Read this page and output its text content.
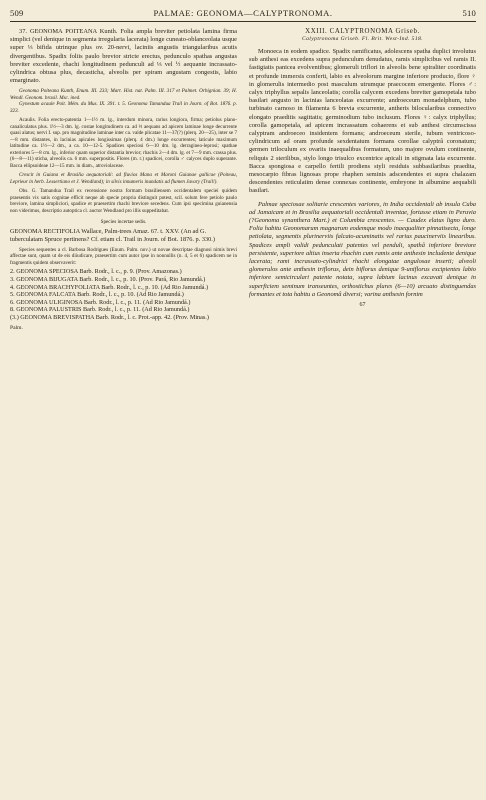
509	PALMAE: GEONOMA—CALYPTRONOMA.	510

37. GEONOMA POITEANA Kunth. Folia ampla breviter petiolata lamina firma simplici (vel denique in segmenta irregularia lacerata) longe cuneato-oblanceolata usque super ⅓ bifida utrinque plus ov. 20-nervi, laciniis angustis triangularibus acutis divergentibus. Spadix foliis paulo brevior stricte erectus, pedunculo spathas angustas breviter excedente, rhachi longitudinem pedunculi ad ⅓ vel ½ aequante incrassato-cylindrica obtusa plus, decasticha, alveolis per spiram angustam congestis, labio emarginato.

Geonoma Poiteana Kunth, Enum. III. 233; Mart. Hist. nat. Palm. III. 317 et Palmet. Orbignian. 39; H. Wendl. Geonom. brasil. Msc. ined.

Gynestum acaule Poit. Mém. du Mus. IX. 391. t. 5. Geonoma Tamandua Trail in Journ. of Bot. 1876. p. 323.

Acaulis. Folia erecto-patentia 1—1½ m. lg., interdum minora, rarius longiora, firma; petiolus plano-canaliculatus plus. 1½—3 dm. lg. costae longitudinem ca. ad ⅓ aequans ad apicem laminae longe decurrente quasi alatus; nervi I. sup. pro magnitudine laminae inter ca. valde plicatae 11—37(?) (plerq. 20—25), inter se 7—8 mm. distantes, in lacinias apicales longissimas (plerq. 4 dm.) longe excurrentes; laticule maximum latitudine ca. 1½—2 dm., a ca. 10—12-5. Spadices speciosi 6—10 dm. lg. derragineo-leprosi; spathae exteriores 5—8 cm. lg., inferior quam superior distantia brevior; rhachis 2—4 dm. lg. et 7—9 mm. crassa plus. (6—8—11) sticha, alveolis ca. 6 mm. superpositis. Flores (m. r.) spadicei, corolla ♂ calyces duplo superante. Bacca ellipsoideae 12—15 mm. in diam., atroviolaceae.

Crescit in Guiana et Brasilia aequatoriali: ad fluvios Mana et Maroni Guianae gallicae (Poiteau, Leprieur in herb. Lessertiano et J. Wendland); in silvis innumeris inundatis ad flumen Javary (Trail!).

Obs. G. Tamandua Trail ex recensione nostra formam brasiliensem occidentalem speciei quidem praesentis vix satis cognitae efficit neque ab specie propria distinguit potest, scil. solum fere petiolo paulo breviore, lamina simpliciori, spadice et praesertim rhachi breviore secedens. Cum ipsi specimina guianensia non viderimus, descriptio autoptica cl. auctor Wendland pro illis suppeditabat.

Species incertae sedis.

GEONOMA RECTIFOLIA Wallace, Palm-trees Amaz. 67. t. XXV. (An ad G. tuberculatam Spruce pertinens? Cf. etiam cl. Trail in Journ. of Bot. 1876. p. 330.)

Species sequentes a cl. Barbosa Rodrigues (Enum. Palm. nov.) ut novae descriptae diagnosi nimis brevi affectae sunt, quam ut de eis diiudicare, praesertim cum autor ipse in nonnullis (n. 4, 5 et 6) spadicem ne in fragmentis quidem observaverit:

2. GEONOMA SPECIOSA Barb. Rodr., l. c., p. 9. (Prov. Amazonas.)

3. GEONOMA BIJUGATA Barb. Rodr., l. c., p. 10. (Prov. Pará, Rio Jamundá.)

4. GEONOMA BRACHYFOLIATA Barb. Rodr., l. c., p. 10. (Ad Rio Jamundá.)

5. GEONOMA FALCATA Barb. Rodr., l. c., p. 10. (Ad Rio Jamundá.)

6. GEONOMA ULIGINOSA Barb. Rodr., l. c., p. 11. (Ad Rio Jamundá.)

8. GEONOMA PALUSTRIS Barb. Rodr., l. c., p. 11. (Ad Rio Jamundá.)

(3.) GEONOMA BREVISPATHA Barb. Rodr., l. c. Prot.-app. 42. (Prov. Minas.)

Palm.

XXIII. CALYPTRONOMA Griseb.

Calyptronoma Griseb. Fl. Brit. West-Ind. 518.

Monoeca in eodem spadice. Spadix ramificatus, adolescens spatha duplici involutus sub anthesi eas excedens supra pedunculum denudatus, ramis simplicibus vel ramis II. fastigiatis panicea evolventibus; glomeruli triflori in alveolis bene spiraliter coordinatis et profunde immersis conferti, labio ex alveolorum margine inferiore producto, flore ♀ in glomerulis intermedio post masculum utrumque praecocem emergente. Flores ♂: calyx triphyllus sepalis lanceolatis; corolla calycem excedens breviter gamopetala tubo basilari angusto in lacinias lanceolatas excurrente; androeceum monadelphum, tubo turbinato carnoso in filamenta 6 brevia excurrente, antheris bilocularibus connectivo elongato praeditis sagittatis; germinodium tubo inclusum. Flores ♀: calyx triphyllus; corolla gamopetala, ad apicem incrassatum cohaerens et sub anthesi circumscissa calyptram androeceo insidentem formans; androeceum sterile, tubum ventricoso-cylindricum ad oram profunde sexdentatum formans corollae calyptrâ coronatum; germen triloculum ex ovariis inaequalibus formatum, uno majore ovulum continente, reliquis 2 sterilibus, stylo longo trisulco excentrice apicali in stigmata lata excurrente. Bacca spongiosa e carpello fertili prodiens styli residuis subbasilaribus praedita, mesocarpio fibras lignosas prope rhaphen seminis adscendentes et supra chalazam descendentes reticulatim dense connexas continente, embryone in albumine aequabili basilari.

Palmae speciosae solitarie crescentes variores, in India occidentali ab insula Cuba ad Jamaicam et in Brasilia aequatoriali occidentali inventae, fortasse etiam in Peruvia (?Geonoma synanthera Mart.) et Columbia crescentes. — Caudex elatus ligno duro. Folia habitu Geonomarum magnarum eodemque modo inaequaliter pinnatisecta, longe petiolata, segmentis plurinerviis falcato-acuminatis vel rarius paucinerviis linearibus. Spadices ampli validi pedunculati patentes vel penduli, spathâ inferiore breviore persistente, superiore altius inserta rhachin cum ramis ante anthesin includente denique lacerata; rami incrassato-cylindrici rhachi elongatae angulosae inserti; alveoli glomerulos ante anthesin triflorus, dein biflorus denique 9-uniflorus excipientes labio inferiore semicirculari patente notata, supra labium lacinus excavati denique in superficiem seminum transeuntes, orthostichus plures (6—10) arcuato distinguendas formantes et tota habitu a Geonomâ diversi; varina anthesin fornim

67
